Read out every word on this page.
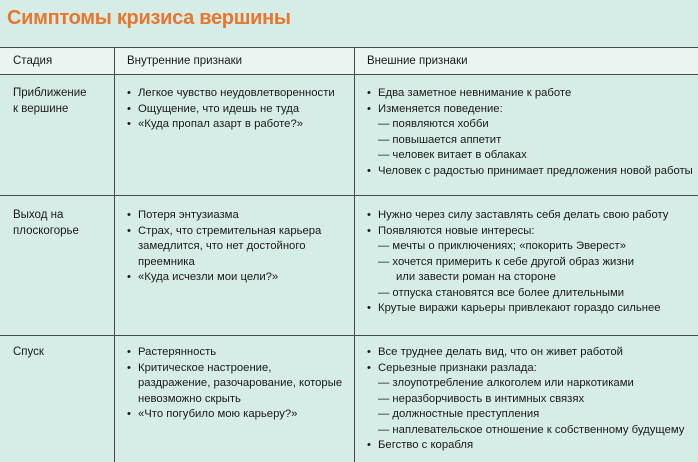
Симптомы кризиса вершины
Стадия	Внутренние признаки	Внешние признаки
Приближение
к вершине
• Легкое чувство неудовлетворенности
• Ощущение, что идешь не туда
• «Куда пропал азарт в работе?»
• Едва заметное невнимание к работе
• Изменяется поведение:
— появляются хобби
— повышается аппетит
— человек витает в облаках
• Человек с радостью принимает предложения новой работы
Выход на
плоскогорье
• Потеря энтузиазма
• Страх, что стремительная карьера
замедлится, что нет достойного
преемника
• «Куда исчезли мои цели?»
• Нужно через силу заставлять себя делать свою работу
• Появляются новые интересы:
— мечты о приключениях; «покорить Эверест»
— хочется примерить к себе другой образ жизни
или завести роман на стороне
— отпуска становятся все более длительными
• Крутые виражи карьеры привлекают гораздо сильнее
Спуск
•	Растерянность
• Критическое настроение,
раздражение, разочарование, которые
невозможно скрыть
• «Что погубило мою карьеру?»
• Все труднее делать вид, что он живет работой
• Серьезные признаки разлада:
— злоупотребление алкоголем или наркотиками
— неразборчивость в интимных связях
— должностные преступления
— наплевательское отношение к собственному будущему
• Бегство с корабля
